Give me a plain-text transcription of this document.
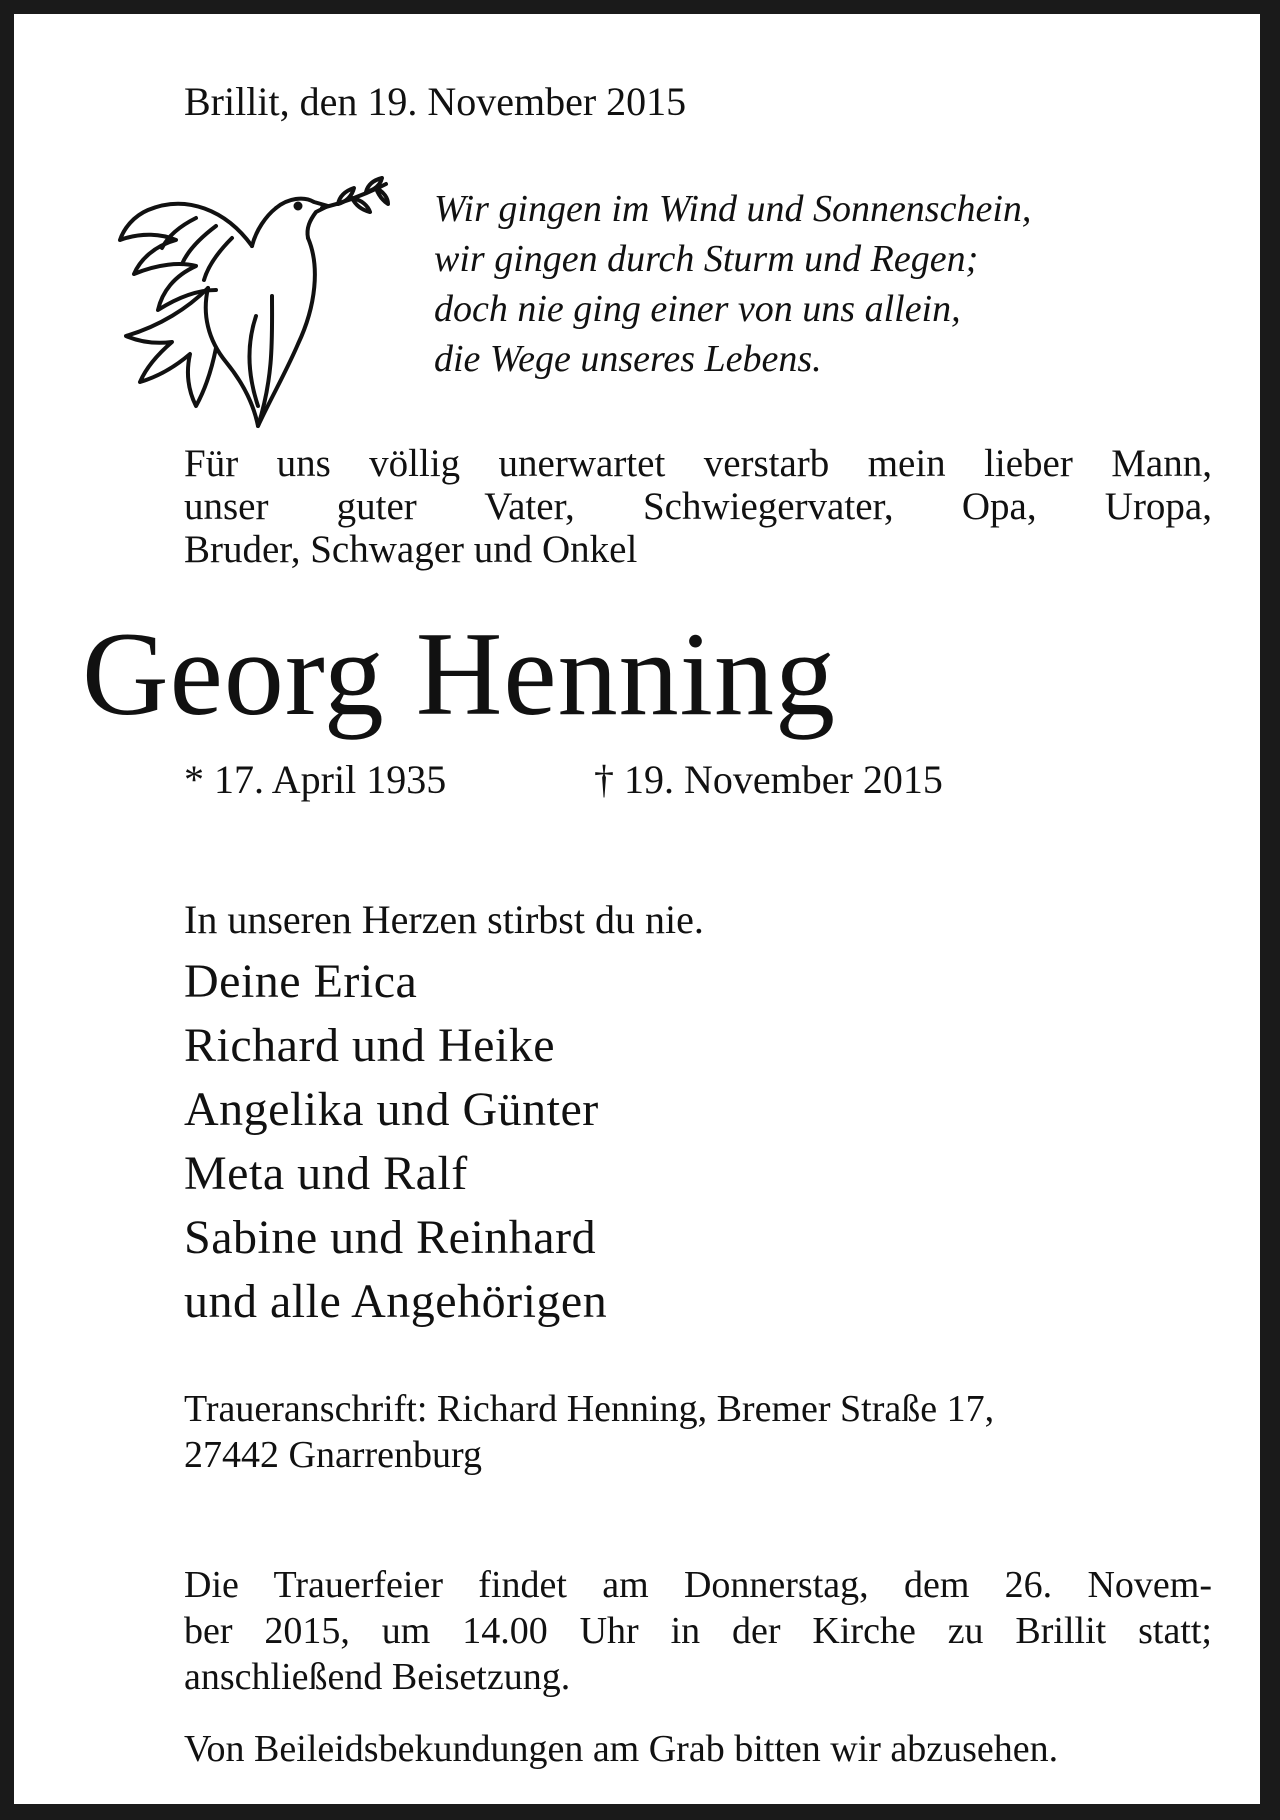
Brillit, den 19. November 2015
Wir gingen im Wind und Sonnenschein,
wir gingen durch Sturm und Regen;
doch nie ging einer von uns allein,
die Wege unseres Lebens.
Für uns völlig unerwartet verstarb mein lieber Mann,
unser guter Vater, Schwiegervater, Opa, Uropa,
Bruder, Schwager und Onkel
Georg Henning
* 17. April 1935	† 19. November 2015
In unseren Herzen stirbst du nie.
Deine Erica
Richard und Heike
Angelika und Günter
Meta und Ralf
Sabine und Reinhard
und alle Angehörigen
Traueranschrift: Richard Henning, Bremer Straße 17,
27442 Gnarrenburg
Die Trauerfeier findet am Donnerstag, dem 26. Novem-
ber 2015, um 14.00 Uhr in der Kirche zu Brillit statt;
anschließend Beisetzung.
Von Beileidsbekundungen am Grab bitten wir abzusehen.
